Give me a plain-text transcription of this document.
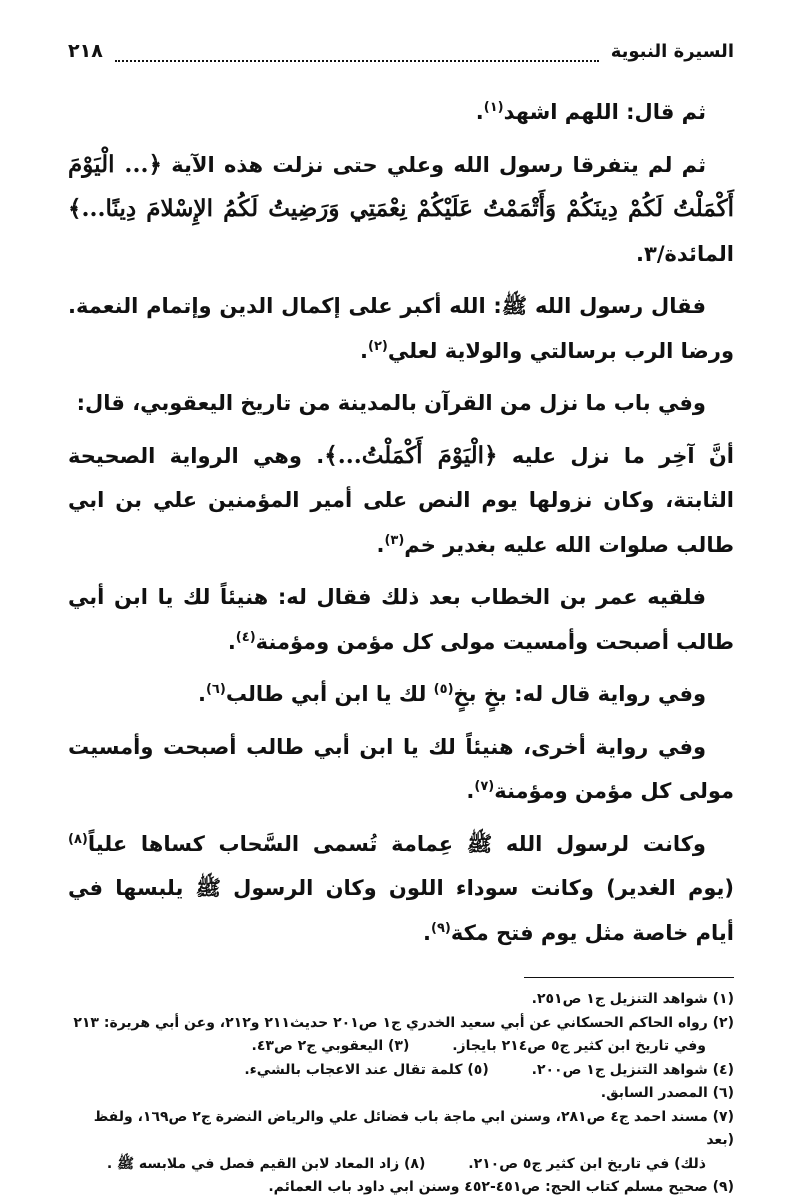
السيرة النبوية
٢١٨

ثم قال: اللهم اشهد$^{(١)}$.

ثم لم يتفرقا رسول الله وعلي حتى نزلت هذه الآية ﴿... الْيَوْمَ أَكْمَلْتُ لَكُمْ دِينَكُمْ وَأَتْمَمْتُ عَلَيْكُمْ نِعْمَتِي وَرَضِيتُ لَكُمُ الإِسْلامَ دِينًا...﴾ المائدة/٣.

فقال رسول الله ﷺ: الله أكبر على إكمال الدين وإتمام النعمة. ورضا الرب برسالتي والولاية لعلي$^{(٢)}$.

وفي باب ما نزل من القرآن بالمدينة من تاريخ اليعقوبي، قال:

أنَّ آخِر ما نزل عليه ﴿الْيَوْمَ أَكْمَلْتُ...﴾. وهي الرواية الصحيحة الثابتة، وكان نزولها يوم النص على أمير المؤمنين علي بن ابي طالب صلوات الله عليه بغدير خم$^{(٣)}$.

فلقيه عمر بن الخطاب بعد ذلك فقال له: هنيئاً لك يا ابن أبي طالب أصبحت وأمسيت مولى كل مؤمن ومؤمنة$^{(٤)}$.

وفي رواية قال له: بخٍ بخٍ$^{(٥)}$ لك يا ابن أبي طالب$^{(٦)}$.

وفي رواية أخرى، هنيئاً لك يا ابن أبي طالب أصبحت وأمسيت مولى كل مؤمن ومؤمنة$^{(٧)}$.

وكانت لرسول الله ﷺ عِمامة تُسمى السَّحاب كساها علياً$^{(٨)}$ (يوم الغدير) وكانت سوداء اللون وكان الرسول ﷺ يلبسها في أيام خاصة مثل يوم فتح مكة$^{(٩)}$.

(١) شواهد التنزيل ج١ ص٢٥١.

(٢) رواه الحاكم الحسكاني عن أبي سعيد الخدري ج١ ص٢٠١ حديث٢١١ و٢١٢، وعن أبي هريرة: ٢١٣

وفي تاريخ ابن كثير ج٥ ص٢١٤ بايجاز. (٣) اليعقوبي ج٢ ص٤٣.

(٤) شواهد التنزيل ج١ ص٢٠٠. (٥) كلمة تقال عند الاعجاب بالشيء.

(٦) المصدر السابق.

(٧) مسند احمد ج٤ ص٢٨١، وسنن ابي ماجة باب فضائل علي والرياض النضرة ج٢ ص١٦٩، ولفظ (بعد

ذلك) في تاريخ ابن كثير ج٥ ص٢١٠. (٨) زاد المعاد لابن القيم فصل في ملابسه ﷺ .

(٩) صحيح مسلم كتاب الحج: ص٤٥١-٤٥٢ وسنن ابي داود باب العمائم.
